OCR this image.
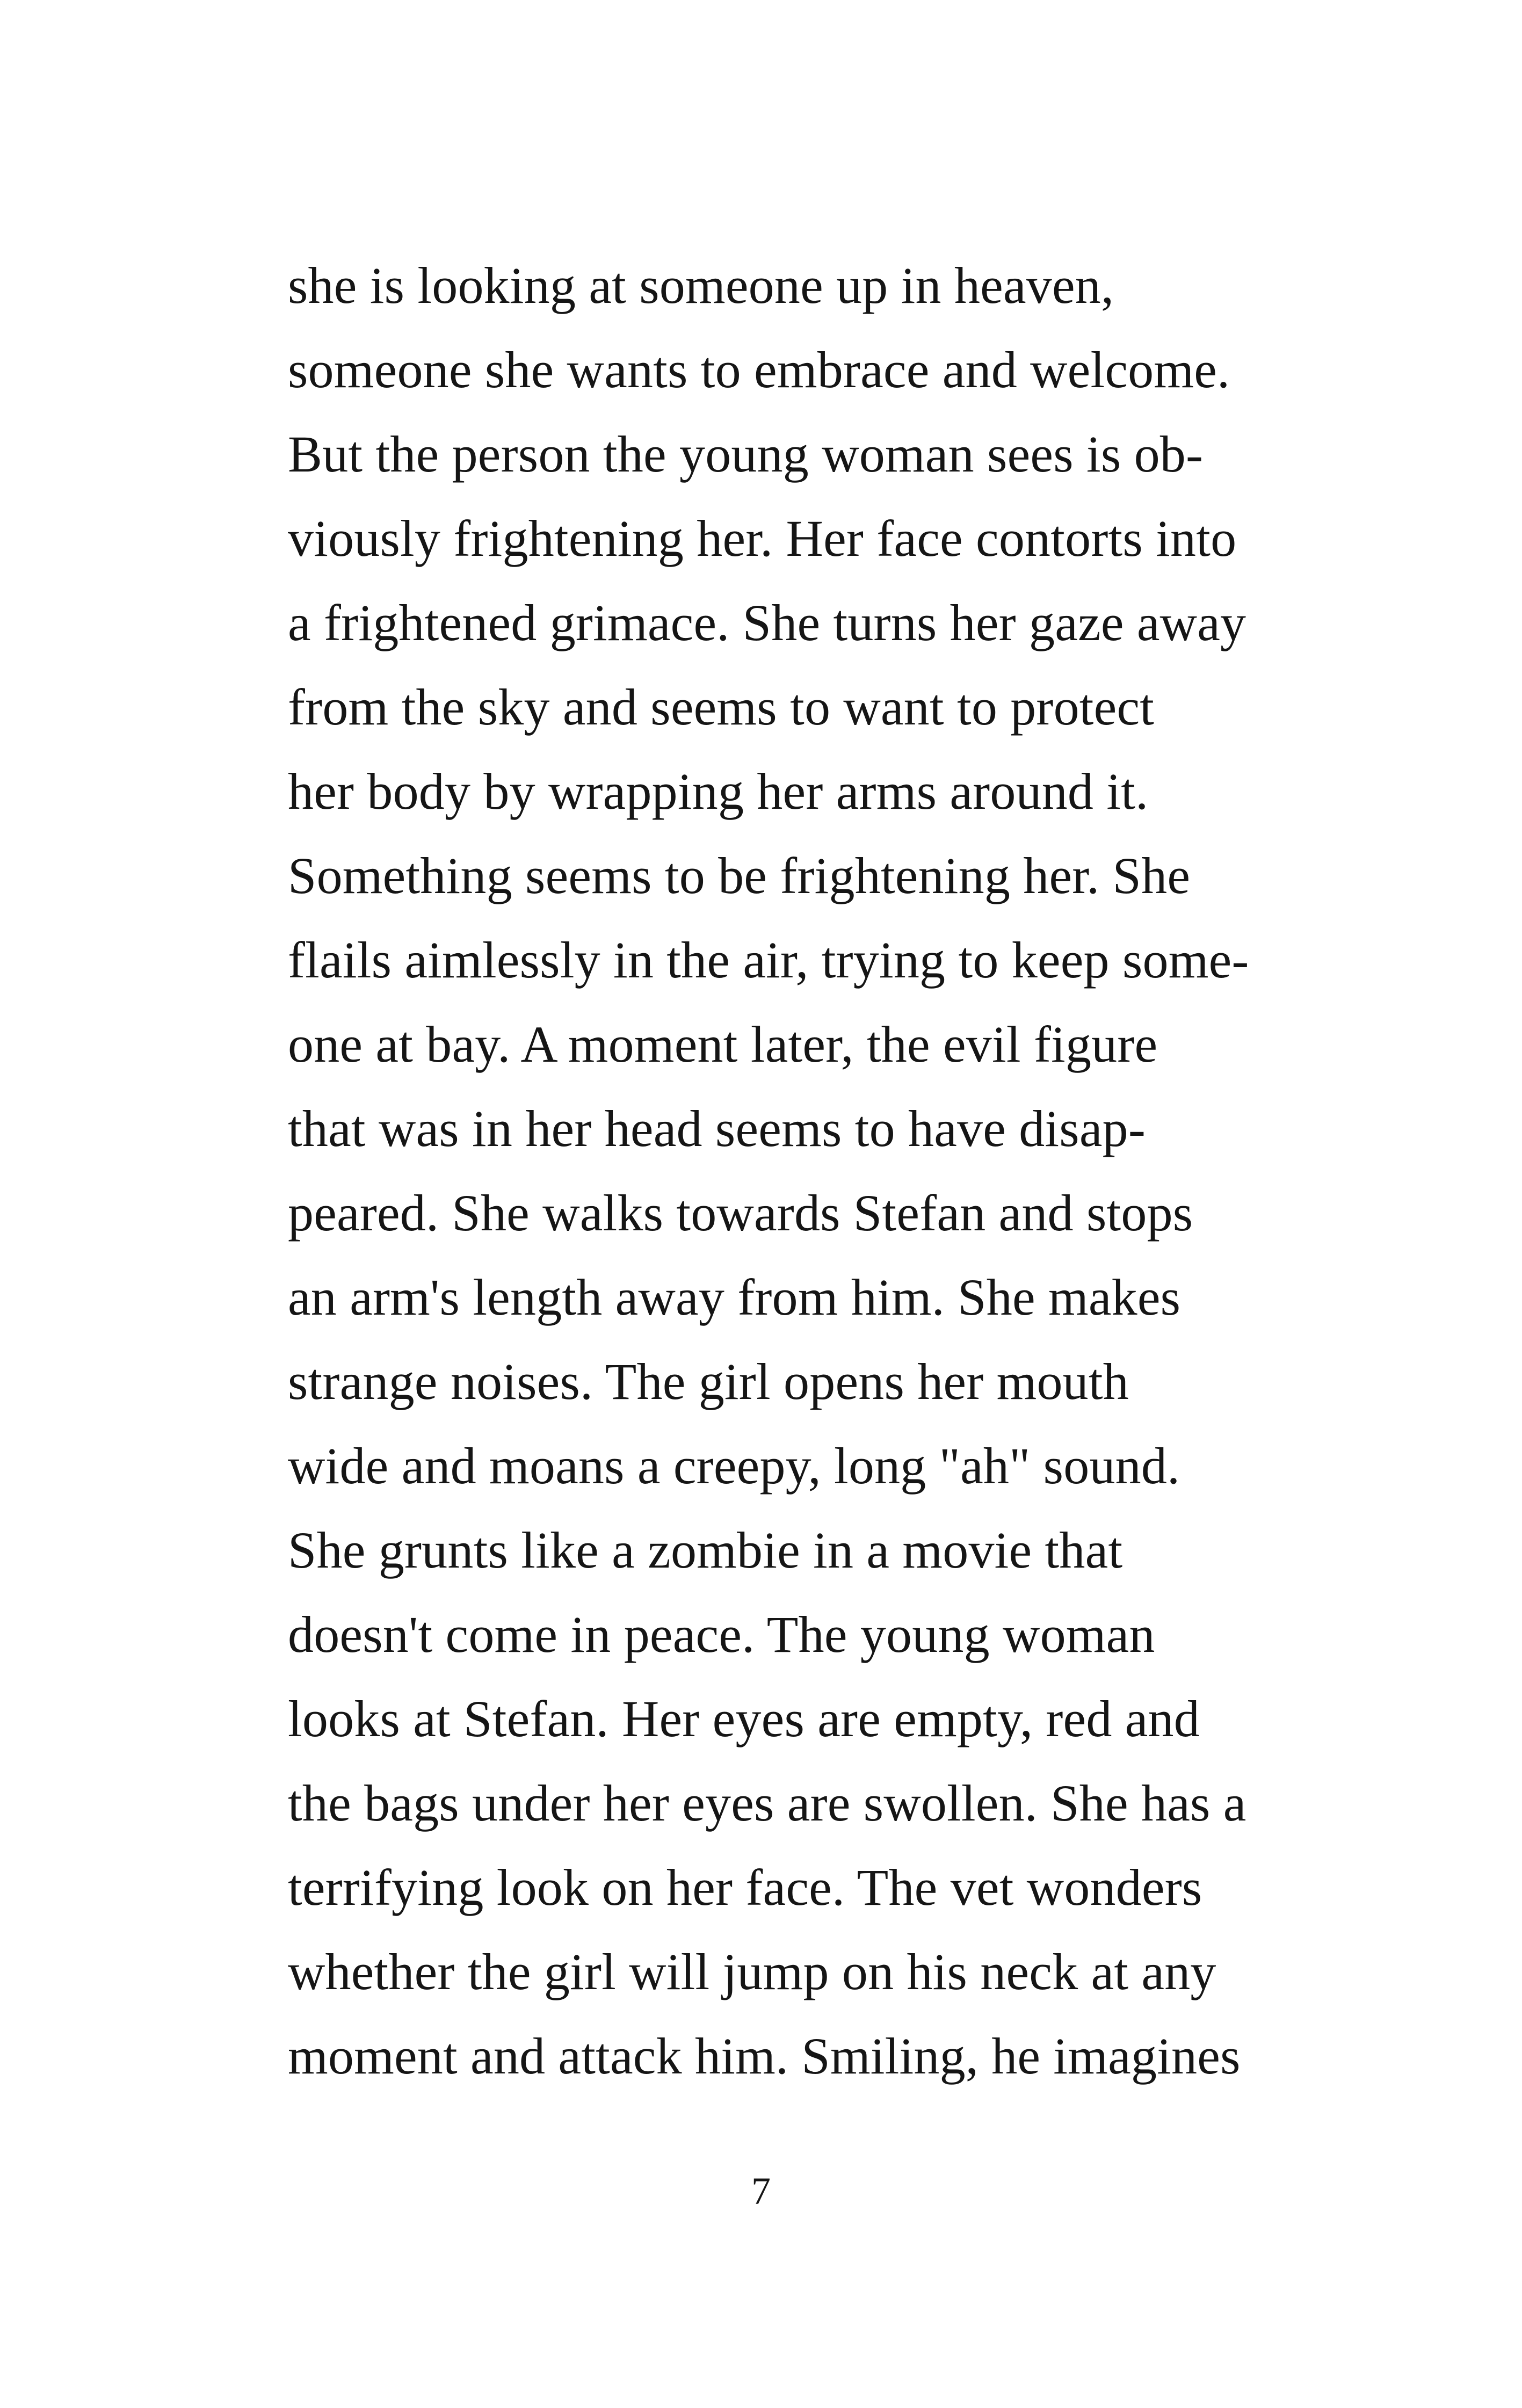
she is looking at someone up in heaven,
someone she wants to embrace and welcome.
But the person the young woman sees is ob-
viously frightening her. Her face contorts into
a frightened grimace. She turns her gaze away
from the sky and seems to want to protect
her body by wrapping her arms around it.
Something seems to be frightening her. She
flails aimlessly in the air, trying to keep some-
one at bay. A moment later, the evil figure
that was in her head seems to have disap-
peared. She walks towards Stefan and stops
an arm's length away from him. She makes
strange noises. The girl opens her mouth
wide and moans a creepy, long "ah" sound.
She grunts like a zombie in a movie that
doesn't come in peace. The young woman
looks at Stefan. Her eyes are empty, red and
the bags under her eyes are swollen. She has a
terrifying look on her face. The vet wonders
whether the girl will jump on his neck at any
moment and attack him. Smiling, he imagines
7
